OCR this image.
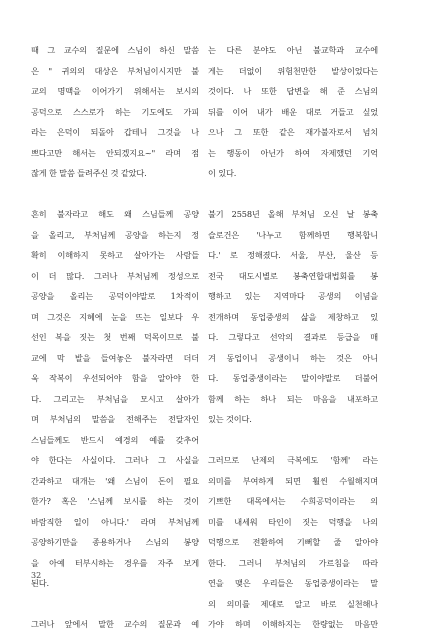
때 그 교수의 질문에 스님이 하신 말씀
은 " 귀의의 대상은 부처님이시지만 불
교의 명맥을 이어가기 위해서는 보시의
공덕으로 스스로가 하는 기도에도 가피
라는 은덕이 되돌아 갑테니 그것을 나
쁘다고만 해서는 안되겠지요~" 라며 점
잖게 한 말씀 들려주신 것 같았다.
흔히 불자라고 해도 왜 스님들께 공양
을 올리고, 부처님께 공양을 하는지 정
확히 이해하지 못하고 살아가는 사람들
이 더 많다. 그러나 부처님께 정성으로
공양을 올리는 공덕이야말로 1차적이
며 그것은 지혜에 눈을 뜨는 일보다 우
선인 복을 짓는 첫 번째 덕목이므로 불
교에 막 발을 들여놓은 불자라면 더더
욱 작복이 우선되어야 함을 알아야 한
다. 그리고는 부처님을 모시고 살아가
며 부처님의 말씀을 전해주는 전달자인
스님들께도 반드시 예경의 예를 갖추어
야 한다는 사실이다. 그러나 그 사실을
간과하고 대개는 '왜 스님이 돈이 필요
한가? 혹은 '스님께 보시를 하는 것이
바람직한 일이 아니다.' 라며 부처님께
공양하기만을 종용하거나 스님의 봉양
을 아예 터부시하는 경우를 자주 보게
된다.
그러나 앞에서 말한 교수의 질문과 예
는 다른 분야도 아닌 불교학과 교수에
게는 더없이 위험천만한 발상이었다는
것이다. 나 또한 답변을 해 준 스님의
뒤를 이어 내가 배운 대로 거들고 싶었
으나 그 또한 같은 재가불자로서 넘치
는 행동이 아닌가 하여 자제했던 기억
이 있다.
불기 2558년 올해 부처님 오신 날 봉축
슬로건은 '나누고 함께하면 행복합니
다.' 로 정해졌다. 서울, 부산, 울산 등
전국 대도시별로 봉축연합대법회를 봉
행하고 있는 지역마다 공생의 이념을
전개하며 동업중생의 삶을 제창하고 있
다. 그렇다고 선악의 결과로 등급을 매
겨 동업이니 공생이니 하는 것은 아니
다. 동업중생이라는 말이야말로 더불어
함께 하는 하나 되는 마음을 내포하고
있는 것이다.
그러므로 난제의 극복에도 '함께' 라는
의미를 부여하게 되면 훨씬 수월해지며
기쁘한 대목에서는 수희공덕이라는 의
미를 내세워 타인이 짓는 덕행을 나의
덕행으로 전환하여 기뻐할 줄 알아야
한다. 그러니 부처님의 가르침을 따라
연을 맺은 우리들은 동업중생이라는 말
의 의미를 제대로 알고 바로 실천해나
가야 하며 이해하지는 한량없는 마음만
32
